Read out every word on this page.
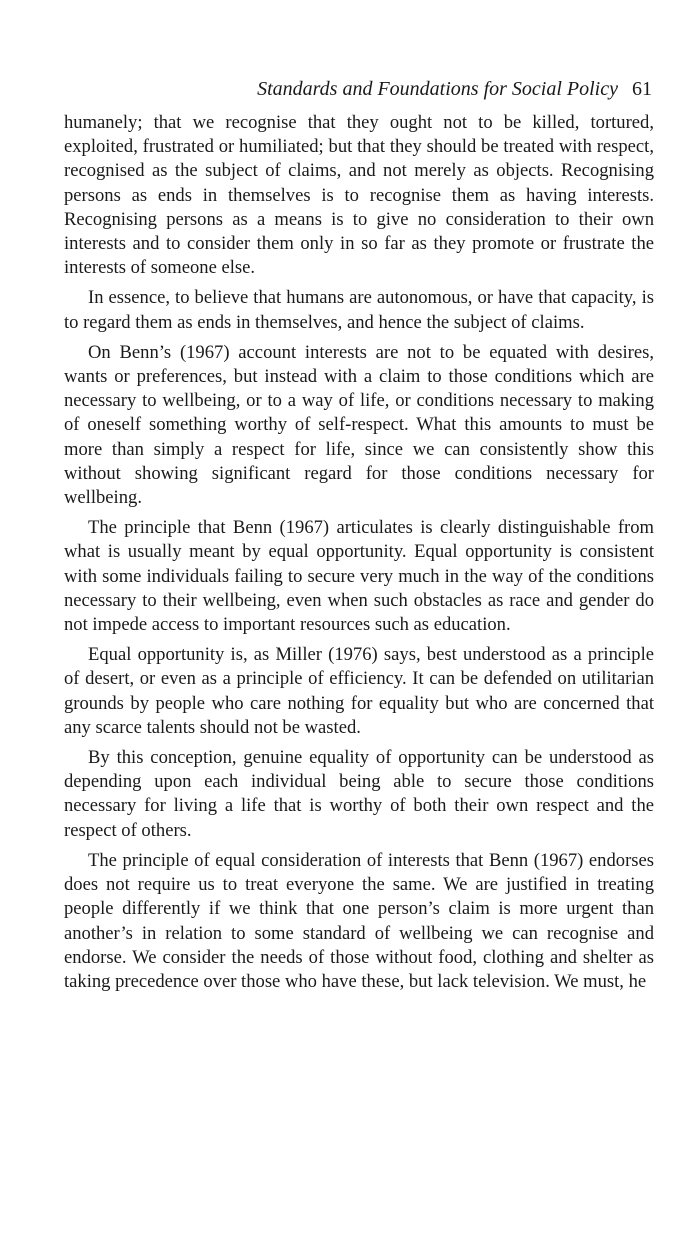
Standards and Foundations for Social Policy 61

humanely; that we recognise that they ought not to be killed, tortured, exploited, frustrated or humiliated; but that they should be treated with respect, recognised as the subject of claims, and not merely as objects. Recognising persons as ends in themselves is to recognise them as having interests. Recognising persons as a means is to give no consideration to their own interests and to consider them only in so far as they promote or frustrate the interests of someone else.

In essence, to believe that humans are autonomous, or have that capacity, is to regard them as ends in themselves, and hence the subject of claims.

On Benn’s (1967) account interests are not to be equated with desires, wants or preferences, but instead with a claim to those conditions which are necessary to wellbeing, or to a way of life, or conditions necessary to making of oneself something worthy of self-respect. What this amounts to must be more than simply a respect for life, since we can consistently show this without showing significant regard for those conditions necessary for wellbeing.

The principle that Benn (1967) articulates is clearly distinguishable from what is usually meant by equal opportunity. Equal opportunity is consistent with some individuals failing to secure very much in the way of the conditions necessary to their wellbeing, even when such obstacles as race and gender do not impede access to important resources such as education.

Equal opportunity is, as Miller (1976) says, best understood as a principle of desert, or even as a principle of efficiency. It can be defended on utilitarian grounds by people who care nothing for equality but who are concerned that any scarce talents should not be wasted.

By this conception, genuine equality of opportunity can be understood as depending upon each individual being able to secure those conditions necessary for living a life that is worthy of both their own respect and the respect of others.

The principle of equal consideration of interests that Benn (1967) endorses does not require us to treat everyone the same. We are justified in treating people differently if we think that one person’s claim is more urgent than another’s in relation to some standard of wellbeing we can recognise and endorse. We consider the needs of those without food, clothing and shelter as taking precedence over those who have these, but lack television. We must, he
